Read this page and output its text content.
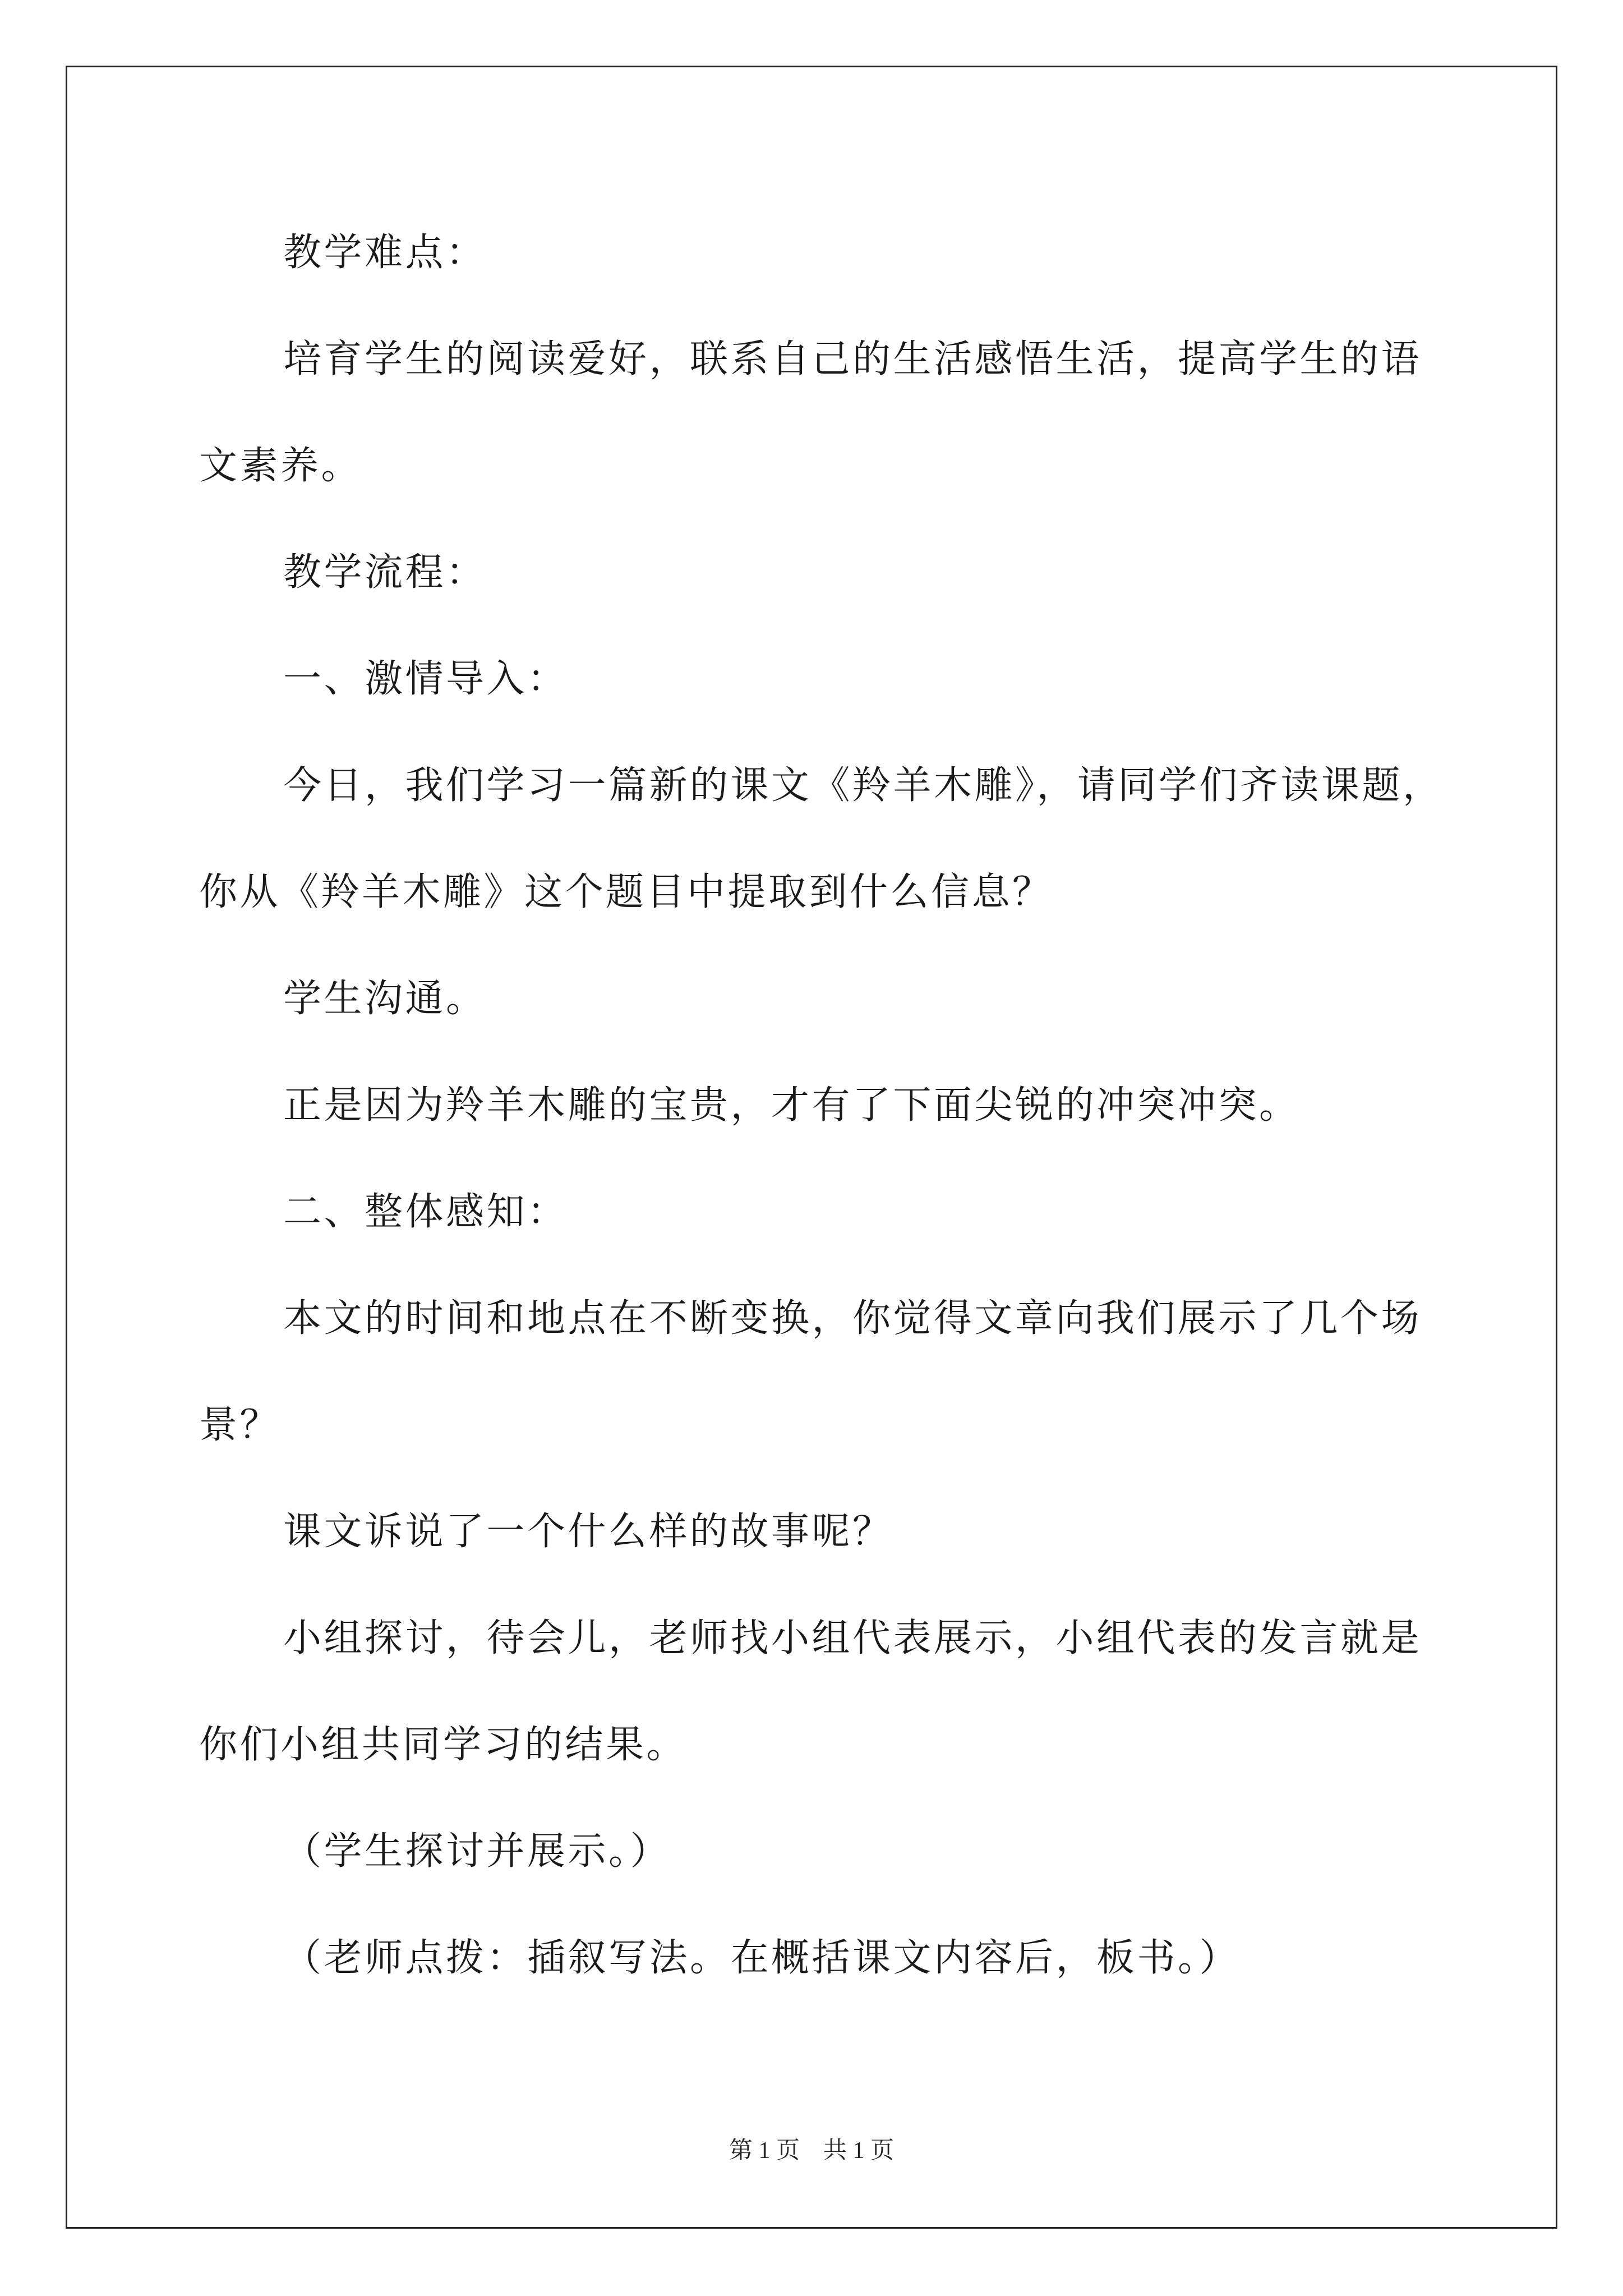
教学难点：
培育学生的阅读爱好，联系自己的生活感悟生活，提高学生的语
文素养。
教学流程：
一、激情导入：
今日，我们学习一篇新的课文《羚羊木雕》，请同学们齐读课题，
你从《羚羊木雕》这个题目中提取到什么信息？
学生沟通。
正是因为羚羊木雕的宝贵，才有了下面尖锐的冲突冲突。
二、整体感知：
本文的时间和地点在不断变换，你觉得文章向我们展示了几个场
景？
课文诉说了一个什么样的故事呢？
小组探讨，待会儿，老师找小组代表展示，小组代表的发言就是
你们小组共同学习的结果。
（学生探讨并展示。）
（老师点拨：插叙写法。在概括课文内容后，板书。）
第 1 页　共 1 页
